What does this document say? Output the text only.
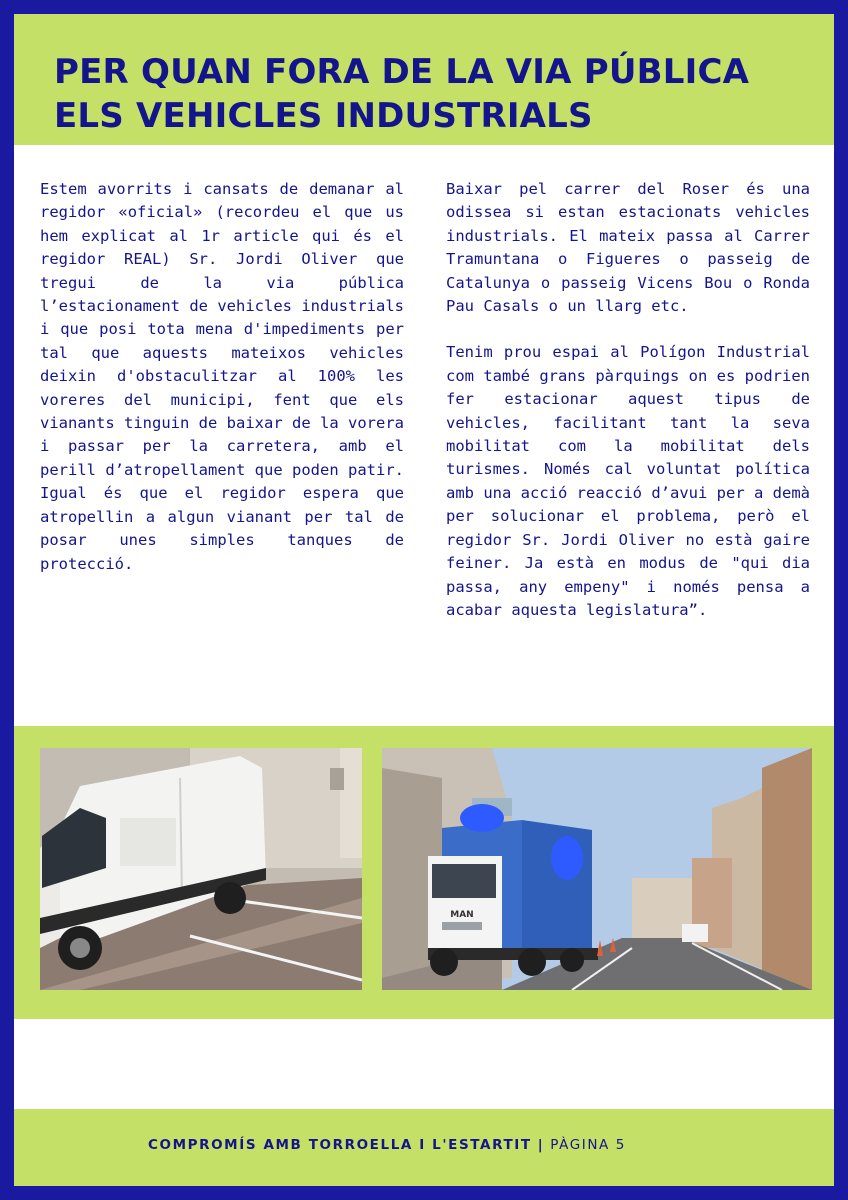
PER QUAN FORA DE LA VIA PÚBLICA
ELS VEHICLES INDUSTRIALS

Estem avorrits i cansats de demanar al regidor «oficial» (recordeu el que us hem explicat al 1r article qui és el regidor REAL) Sr. Jordi Oliver que tregui de la via pública l’estacionament de vehicles industrials i que posi tota mena d'impediments per tal que aquests mateixos vehicles deixin d'obstaculitzar al 100% les voreres del municipi, fent que els vianants tinguin de baixar de la vorera i passar per la carretera, amb el perill d’atropellament que poden patir. Igual és que el regidor espera que atropellin a algun vianant per tal de posar unes simples tanques de protecció.

Baixar pel carrer del Roser és una odissea si estan estacionats vehicles industrials. El mateix passa al Carrer Tramuntana o Figueres o passeig de Catalunya o passeig Vicens Bou o Ronda Pau Casals o un llarg etc.

Tenim prou espai al Polígon Industrial com també grans pàrquings on es podrien fer estacionar aquest tipus de vehicles, facilitant tant la seva mobilitat com la mobilitat dels turismes. Només cal voluntat política amb una acció reacció d’avui per a demà per solucionar el problema, però el regidor Sr. Jordi Oliver no està gaire feiner. Ja està en modus de "qui dia passa, any empeny" i només pensa a acabar aquesta legislatura”.

MAN
COMPROMÍS AMB TORROELLA I L'ESTARTIT | PÀGINA 5
